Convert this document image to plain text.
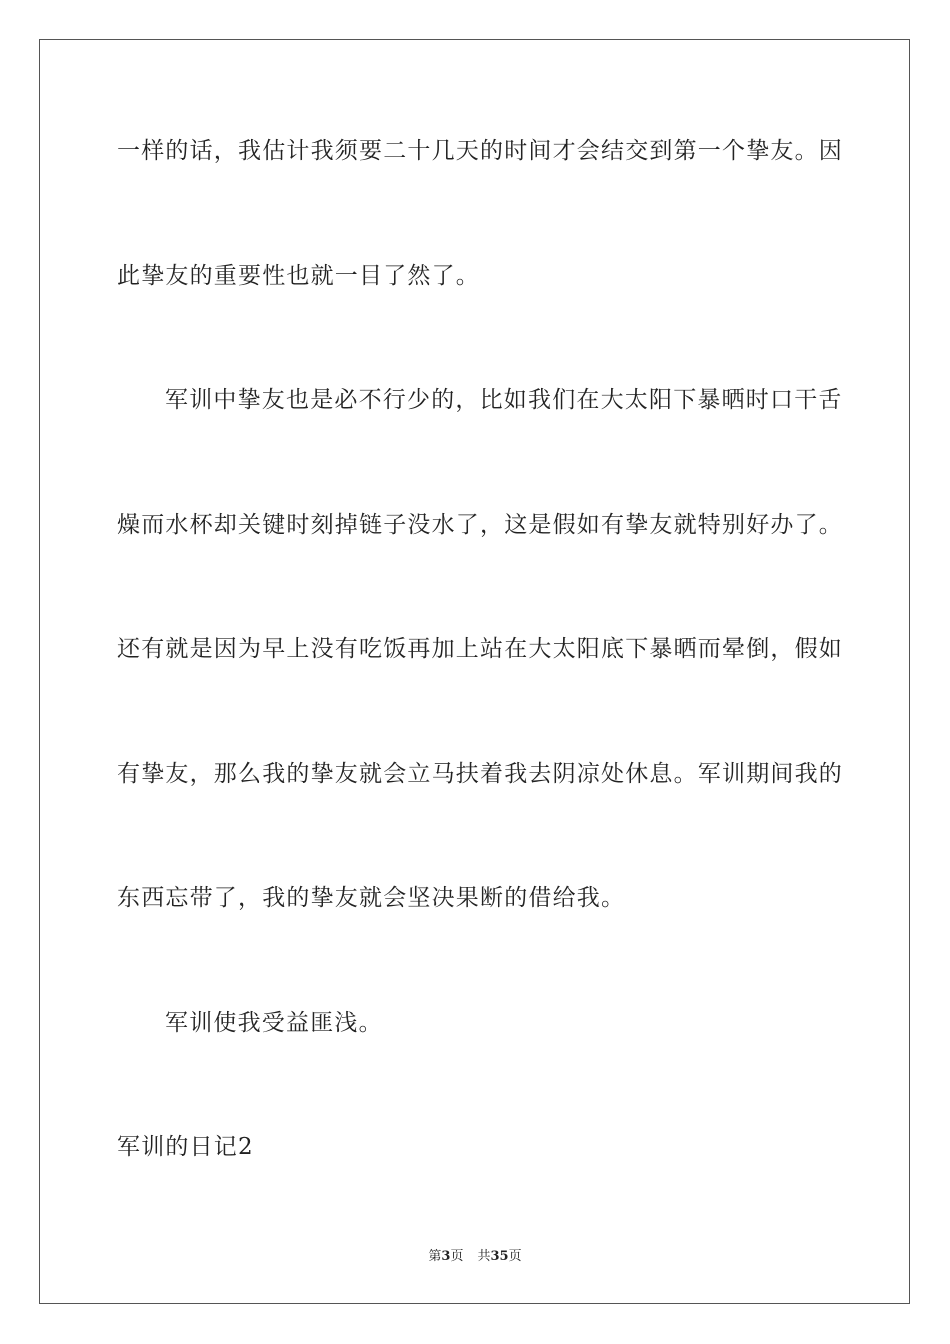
一样的话，我估计我须要二十几天的时间才会结交到第一个挚友。因
此挚友的重要性也就一目了然了。
军训中挚友也是必不行少的，比如我们在大太阳下暴晒时口干舌
燥而水杯却关键时刻掉链子没水了，这是假如有挚友就特别好办了。
还有就是因为早上没有吃饭再加上站在大太阳底下暴晒而晕倒，假如
有挚友，那么我的挚友就会立马扶着我去阴凉处休息。军训期间我的
东西忘带了，我的挚友就会坚决果断的借给我。
军训使我受益匪浅。
军训的日记2
第3页 共35页
